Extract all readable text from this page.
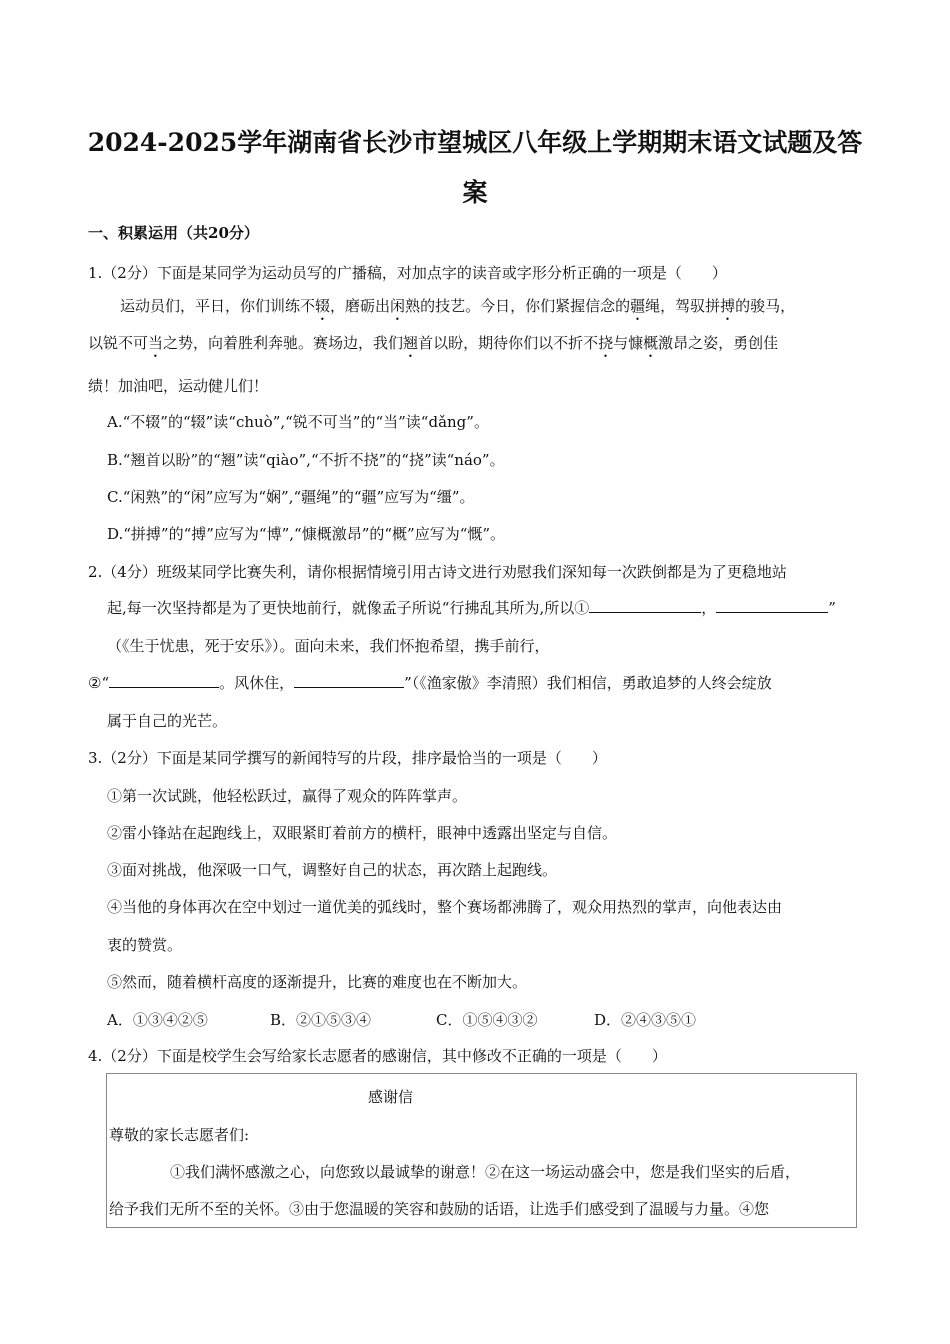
2024-2025学年湖南省长沙市望城区八年级上学期期末语文试题及答
案
一、积累运用（共20分）
1.（2分）下面是某同学为运动员写的广播稿，对加点字的读音或字形分析正确的一项是（　　）
运动员们，平日，你们训练不辍，磨砺出闲熟的技艺。今日，你们紧握信念的疆绳，驾驭拼搏的骏马，
以锐不可当之势，向着胜利奔驰。赛场边，我们翘首以盼，期待你们以不折不挠与慷概激昂之姿，勇创佳
绩！加油吧，运动健儿们！
A.“不辍”的“辍”读“chuò”,“锐不可当”的“当”读“dǎng”。
B.“翘首以盼”的“翘”读“qiào”,“不折不挠”的“挠”读“náo”。
C.“闲熟”的“闲”应写为“娴”,“疆绳”的“疆”应写为“缰”。
D.“拼搏”的“搏”应写为“博”,“慷概激昂”的“概”应写为“慨”。
2.（4分）班级某同学比赛失利，请你根据情境引用古诗文进行劝慰我们深知每一次跌倒都是为了更稳地站
起,每一次坚持都是为了更快地前行，就像孟子所说“行拂乱其所为,所以①	，	”
（《生于忧患，死于安乐》）。面向未来，我们怀抱希望，携手前行，
②“	。风休住，	”（《渔家傲》李清照）我们相信，勇敢追梦的人终会绽放
属于自己的光芒。
3.（2分）下面是某同学撰写的新闻特写的片段，排序最恰当的一项是（　　）
①第一次试跳，他轻松跃过，赢得了观众的阵阵掌声。
②雷小锋站在起跑线上，双眼紧盯着前方的横杆，眼神中透露出坚定与自信。
③面对挑战，他深吸一口气，调整好自己的状态，再次踏上起跑线。
④当他的身体再次在空中划过一道优美的弧线时，整个赛场都沸腾了，观众用热烈的掌声，向他表达由
衷的赞赏。
⑤然而，随着横杆高度的逐渐提升，比赛的难度也在不断加大。
A．①③④②⑤	B．②①⑤③④	C．①⑤④③②	D．②④③⑤①
4.（2分）下面是校学生会写给家长志愿者的感谢信，其中修改不正确的一项是（　　）
感谢信
尊敬的家长志愿者们:
①我们满怀感激之心，向您致以最诚挚的谢意！②在这一场运动盛会中，您是我们坚实的后盾，
给予我们无所不至的关怀。③由于您温暖的笑容和鼓励的话语，让选手们感受到了温暖与力量。④您
